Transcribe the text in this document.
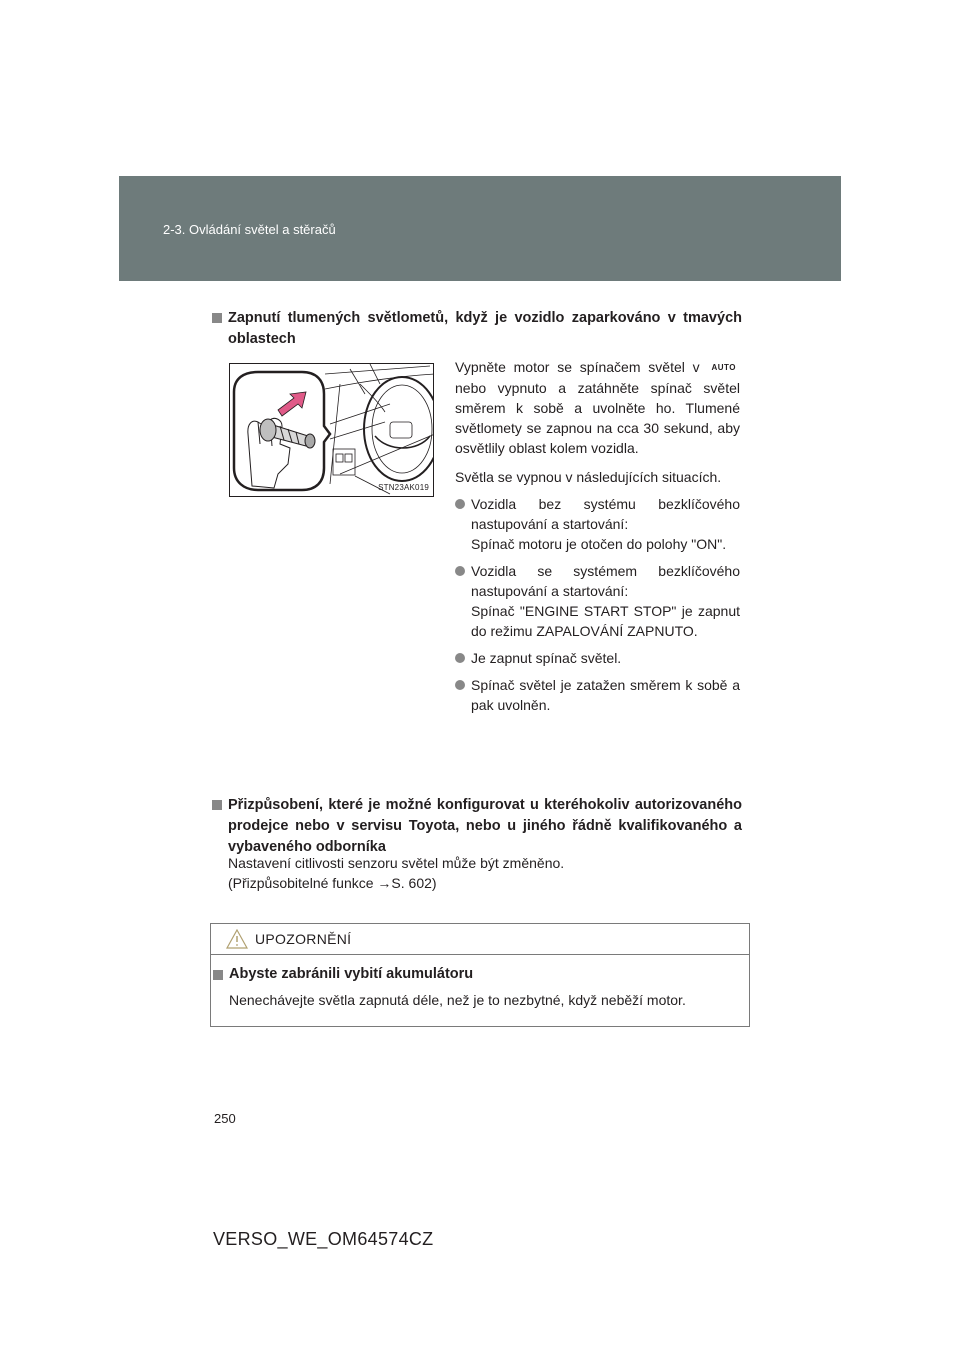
2-3. Ovládání světel a stěračů
Zapnutí tlumených světlometů, když je vozidlo zaparkováno v tmavých oblastech
STN23AK019

Vypněte motor se spínačem světel v AUTO nebo vypnuto a zatáhněte spínač světel směrem k sobě a uvolněte ho. Tlumené světlomety se zapnou na cca 30 sekund, aby osvětlily oblast kolem vozidla.

Světla se vypnou v následujících situacích.

Vozidla bez systému bezklíčového nastupování a startování:
Spínač motoru je otočen do polohy "ON".
Vozidla se systémem bezklíčového nastupování a startování:
Spínač "ENGINE START STOP" je zapnut do režimu ZAPALOVÁNÍ ZAPNUTO.
Je zapnut spínač světel.
Spínač světel je zatažen směrem k sobě a pak uvolněn.
Přizpůsobení, které je možné konfigurovat u kteréhokoliv autorizovaného prodejce nebo v servisu Toyota, nebo u jiného řádně kvalifikovaného a vybaveného odborníka
Nastavení citlivosti senzoru světel může být změněno.
(Přizpůsobitelné funkce →S. 602)
UPOZORNĚNÍ
Abyste zabránili vybití akumulátoru
Nenechávejte světla zapnutá déle, než je to nezbytné, když neběží motor.
250
VERSO_WE_OM64574CZ
